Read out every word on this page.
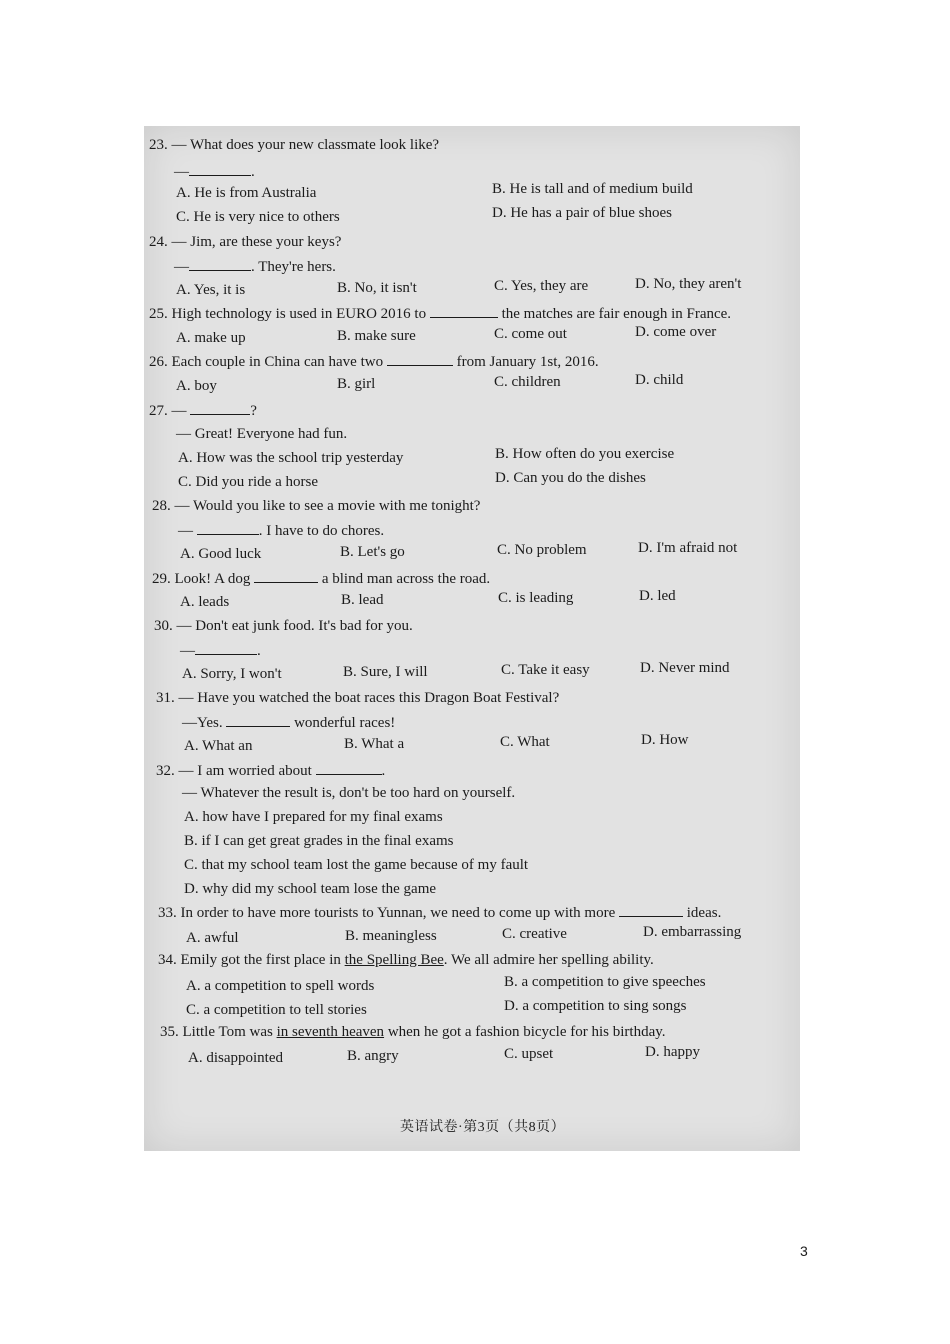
23. — What does your new classmate look like?
—	.
A. He is from Australia	B. He is tall and of medium build
C. He is very nice to others	D. He has a pair of blue shoes
24. — Jim, are these your keys?
—	. They're hers.
A. Yes, it is	B. No, it isn't	C. Yes, they are	D. No, they aren't
25. High technology is used in EURO 2016 to	the matches are fair enough in France.
A. make up	B. make sure	C. come out	D. come over
26. Each couple in China can have two	from January 1st, 2016.
A. boy	B. girl	C. children	D. child
27. —	?
— Great! Everyone had fun.
A. How was the school trip yesterday	B. How often do you exercise
C. Did you ride a horse	D. Can you do the dishes
28. — Would you like to see a movie with me tonight?
—	. I have to do chores.
A. Good luck	B. Let's go	C. No problem	D. I'm afraid not
29. Look! A dog	a blind man across the road.
A. leads	B. lead	C. is leading	D. led
30. — Don't eat junk food. It's bad for you.
—	.
A. Sorry, I won't	B. Sure, I will	C. Take it easy	D. Never mind
31. — Have you watched the boat races this Dragon Boat Festival?
—Yes.	wonderful races!
A. What an	B. What a	C. What	D. How
32. — I am worried about	.
— Whatever the result is, don't be too hard on yourself.
A. how have I prepared for my final exams
B. if I can get great grades in the final exams
C. that my school team lost the game because of my fault
D. why did my school team lose the game
33. In order to have more tourists to Yunnan, we need to come up with more	ideas.
A. awful	B. meaningless	C. creative	D. embarrassing
34. Emily got the first place in the Spelling Bee. We all admire her spelling ability.
A. a competition to spell words	B. a competition to give speeches
C. a competition to tell stories	D. a competition to sing songs
35. Little Tom was in seventh heaven when he got a fashion bicycle for his birthday.
A. disappointed	B. angry	C. upset	D. happy
英语试卷·第3页（共8页）
3
